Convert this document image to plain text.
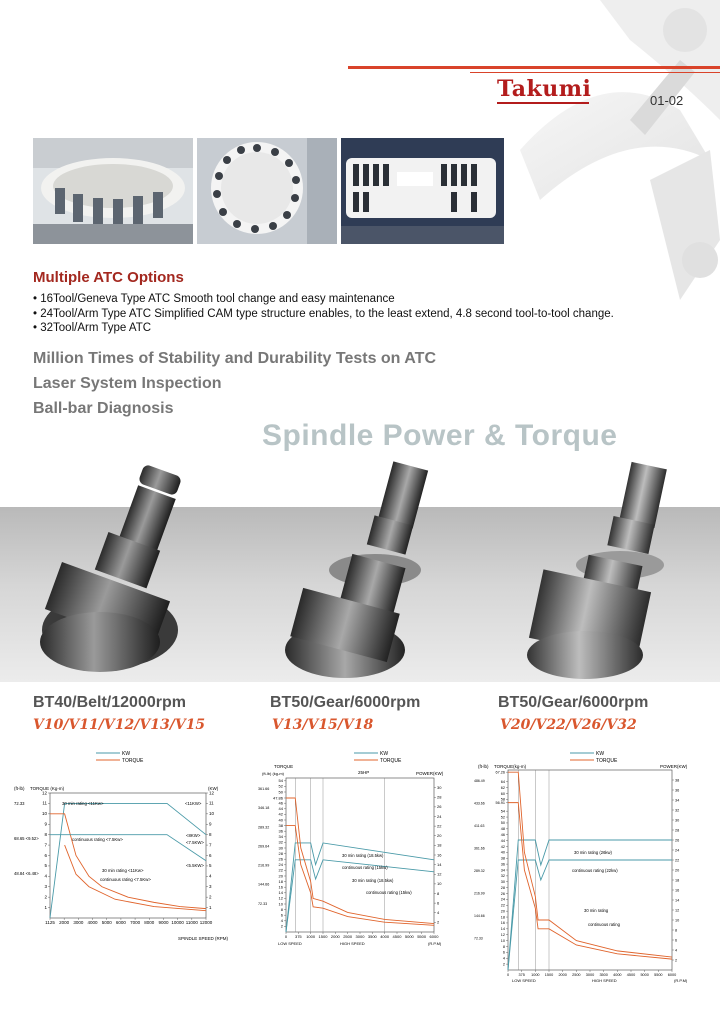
Takumi	01-02
Multiple ATC Options
• 16Tool/Geneva Type ATC Smooth tool change and easy maintenance
• 24Tool/Arm Type ATC Simplified CAM type structure enables, to the least extend, 4.8 second tool-to-tool change.
• 32Tool/Arm Type ATC
Million Times of Stability and Durability Tests on ATC
Laser System Inspection
Ball-bar Diagnosis
Spindle Power & Torque
BT40/Belt/12000rpm
V10/V11/V12/V13/V15
BT50/Gear/6000rpm
V13/V15/V18
BT50/Gear/6000rpm
V20/V22/V26/V32
KW
TORQUE
(ft-lb) TORQUE (Kg-m)	(KW)
SPINDLE SPEED (RPM)
1
2
3
4
5
6
7
8
9
10
11
12
1
2
3
4
5
6
7
8
9
10
11
12
72.33
68.65 <9.52>
48.84 <6.48>
1125 2000 3000 4000 5000 6000 7000 8000 9000 10000 11000 12000
30 min rating <11Kw>
continuous rating <7.5Kw>
30 min rating <11Kw>
continuous rating <7.5Kw>
<11KW>
<8KW>
<7.5KW>
<5.5KW>
KW
TORQUE
TORQUE
(ft-lb) (kg-m)	POWER(KW)
25HP
LOW SPEED	HIGH SPEED	(R.P.M)
2
4
6
8
10
12
14
16
18
20
22
24
26
28
30
32
34
36
38
40
42
44
46
47.86
50
52
54
2
4
6
8
10
12
14
16
18
20
22
24
26
28
30
361.66
346.18
289.32
269.64
216.99
144.66
72.33
0 375 1000 1500 2000 2500 3000 3500 4000 4500 5000 5500 6000
30 min rating (18.5kw)
continuous rating (15kw)
30 min rating (18.5kw)
continuous rating (15kw)
KW
TORQUE
(ft-lb) TORQUE(kg-m)	POWER(KW)
LOW SPEED	HIGH SPEED	(R.P.M)
2
4
6
8
10
12
14
16
18
20
22
24
26
28
30
32
34
36
38
40
42
44
46
48
50
52
54
56.91
58
60
62
64
67.26
2
4
6
8
10
12
14
16
18
20
22
24
26
28
30
32
34
36
38
486.49
433.66
411.63
361.66
289.32
216.99
144.66
72.33
0 375 1000 1500 2000 2500 3000 3500 4000 4500 5000 5500 6000
30 min rating (26kw)
continuous rating (22kw)
30 min rating
continuous rating
